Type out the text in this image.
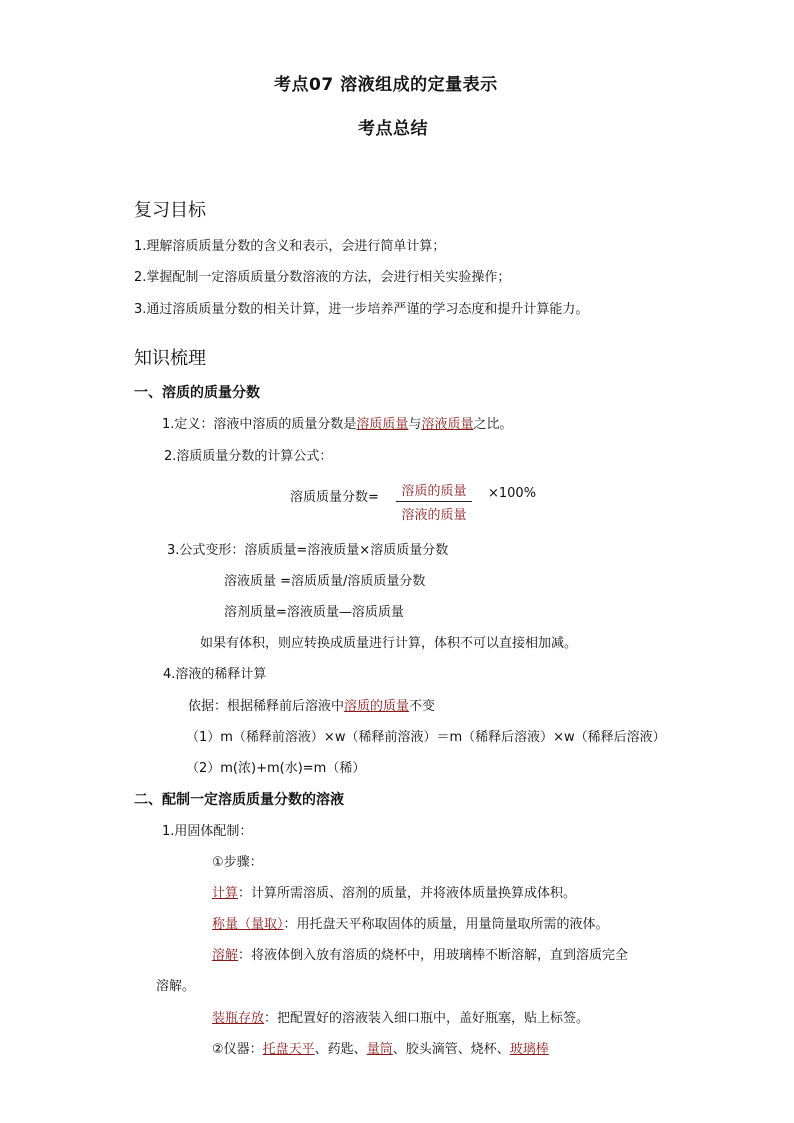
考点07 溶液组成的定量表示
考点总结
复习目标
1.理解溶质质量分数的含义和表示，会进行简单计算；
2.掌握配制一定溶质质量分数溶液的方法，会进行相关实验操作；
3.通过溶质质量分数的相关计算，进一步培养严谨的学习态度和提升计算能力。
知识梳理
一、溶质的质量分数
1.定义：溶液中溶质的质量分数是溶质质量与溶液质量之比。
2.溶质质量分数的计算公式：
溶质质量分数=	溶质的质量
溶液的质量
×100%
3.公式变形：溶质质量=溶液质量×溶质质量分数
溶液质量 =溶质质量/溶质质量分数
溶剂质量=溶液质量—溶质质量
如果有体积，则应转换成质量进行计算，体积不可以直接相加减。
4.溶液的稀释计算
依据：根据稀释前后溶液中溶质的质量不变
（1）m（稀释前溶液）×w（稀释前溶液）＝m（稀释后溶液）×w（稀释后溶液）
（2）m(浓)+m(水)=m（稀）
二、配制一定溶质质量分数的溶液
1.用固体配制：
①步骤：
计算：计算所需溶质、溶剂的质量，并将液体质量换算成体积。
称量（量取）：用托盘天平称取固体的质量，用量筒量取所需的液体。
溶解：将液体倒入放有溶质的烧杯中，用玻璃棒不断溶解，直到溶质完全
溶解。
装瓶存放：把配置好的溶液装入细口瓶中，盖好瓶塞，贴上标签。
②仪器：托盘天平、药匙、量筒、胶头滴管、烧杯、玻璃棒
